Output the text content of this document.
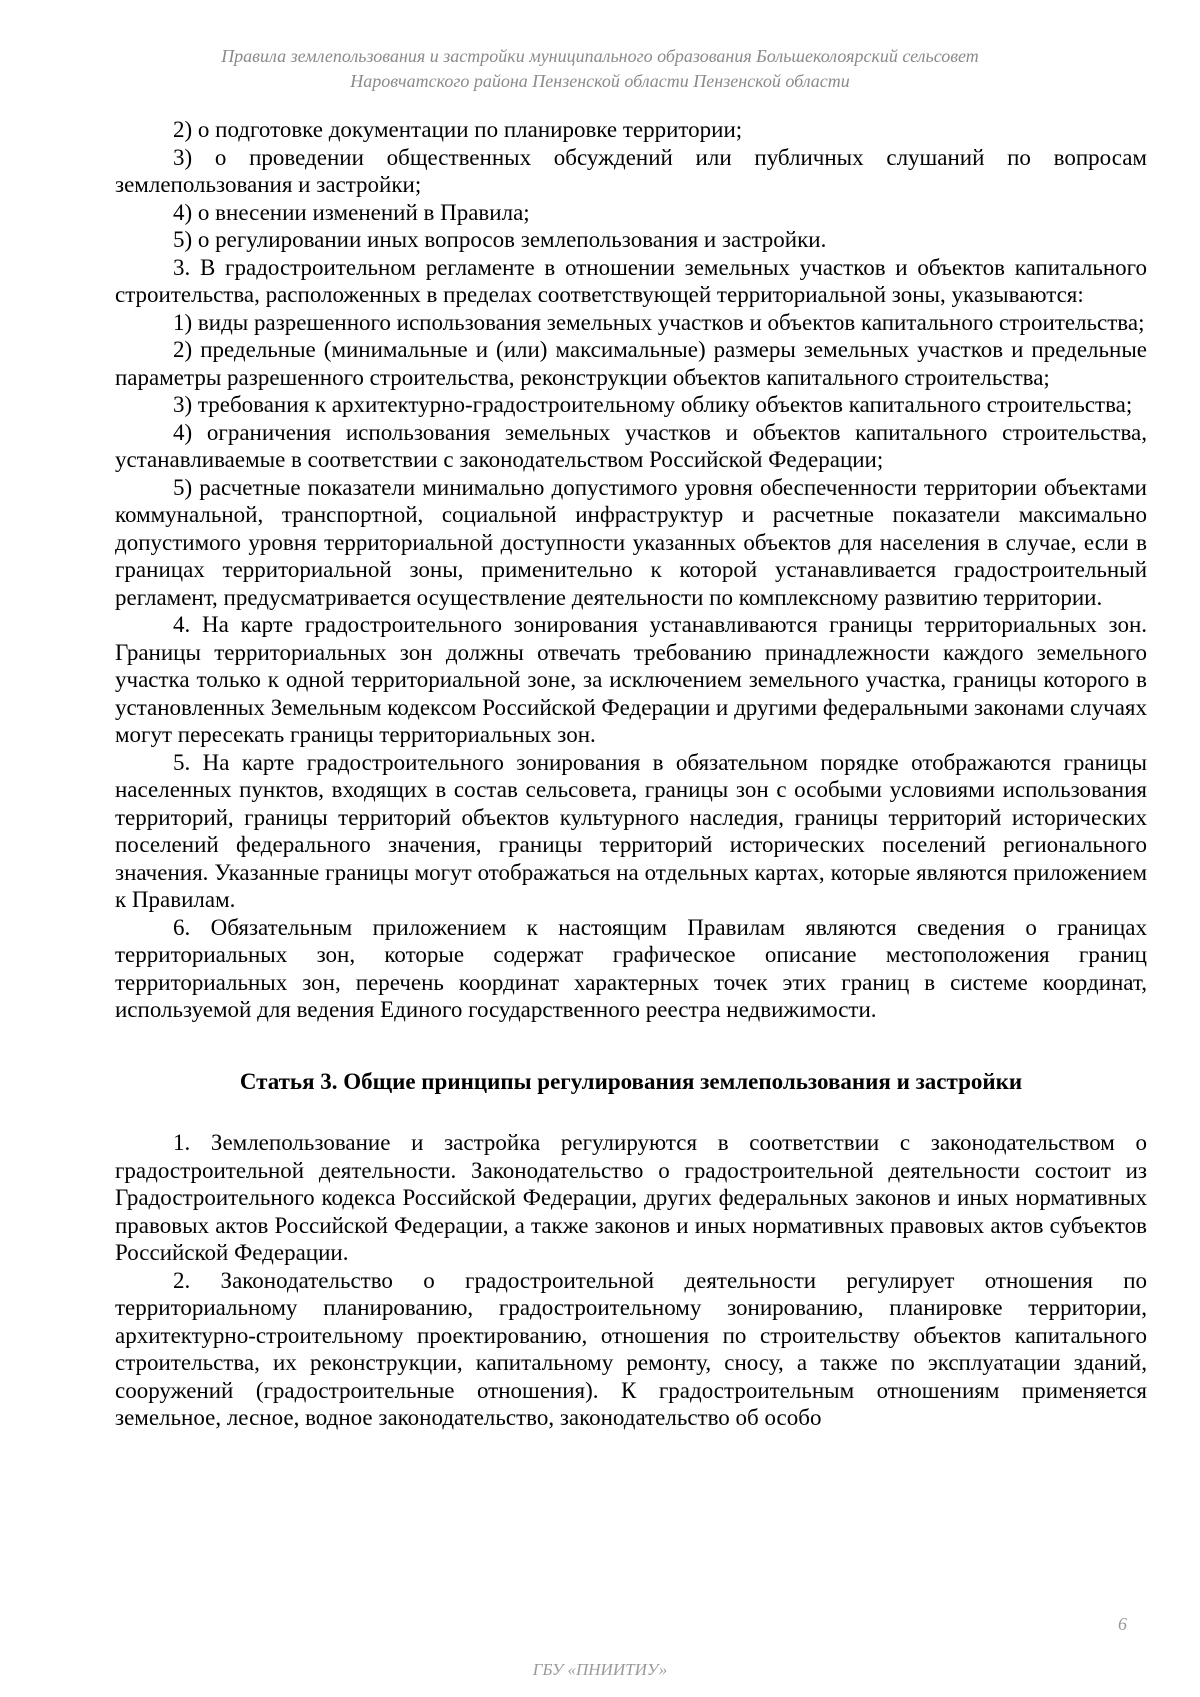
Правила землепользования и застройки муниципального образования Большеколоярский сельсовет
Наровчатского района Пензенской области Пензенской области

2) о подготовке документации по планировке территории;

3) о проведении общественных обсуждений или публичных слушаний по вопросам землепользования и застройки;

4) о внесении изменений в Правила;

5) о регулировании иных вопросов землепользования и застройки.

3. В градостроительном регламенте в отношении земельных участков и объектов капитального строительства, расположенных в пределах соответствующей территориальной зоны, указываются:

1) виды разрешенного использования земельных участков и объектов капитального строительства;

2) предельные (минимальные и (или) максимальные) размеры земельных участков и предельные параметры разрешенного строительства, реконструкции объектов капитального строительства;

3) требования к архитектурно-градостроительному облику объектов капитального строительства;

4) ограничения использования земельных участков и объектов капитального строительства, устанавливаемые в соответствии с законодательством Российской Федерации;

5) расчетные показатели минимально допустимого уровня обеспеченности территории объектами коммунальной, транспортной, социальной инфраструктур и расчетные показатели максимально допустимого уровня территориальной доступности указанных объектов для населения в случае, если в границах территориальной зоны, применительно к которой устанавливается градостроительный регламент, предусматривается осуществление деятельности по комплексному развитию территории.

4. На карте градостроительного зонирования устанавливаются границы территориальных зон. Границы территориальных зон должны отвечать требованию принадлежности каждого земельного участка только к одной территориальной зоне, за исключением земельного участка, границы которого в установленных Земельным кодексом Российской Федерации и другими федеральными законами случаях могут пересекать границы территориальных зон.

5. На карте градостроительного зонирования в обязательном порядке отображаются границы населенных пунктов, входящих в состав сельсовета, границы зон с особыми условиями использования территорий, границы территорий объектов культурного наследия, границы территорий исторических поселений федерального значения, границы территорий исторических поселений регионального значения. Указанные границы могут отображаться на отдельных картах, которые являются приложением к Правилам.

6. Обязательным приложением к настоящим Правилам являются сведения о границах территориальных зон, которые содержат графическое описание местоположения границ территориальных зон, перечень координат характерных точек этих границ в системе координат, используемой для ведения Единого государственного реестра недвижимости.

Статья 3. Общие принципы регулирования землепользования и застройки

1. Землепользование и застройка регулируются в соответствии с законодательством о градостроительной деятельности. Законодательство о градостроительной деятельности состоит из Градостроительного кодекса Российской Федерации, других федеральных законов и иных нормативных правовых актов Российской Федерации, а также законов и иных нормативных правовых актов субъектов Российской Федерации.

2. Законодательство о градостроительной деятельности регулирует отношения по территориальному планированию, градостроительному зонированию, планировке территории, архитектурно-строительному проектированию, отношения по строительству объектов капитального строительства, их реконструкции, капитальному ремонту, сносу, а также по эксплуатации зданий, сооружений (градостроительные отношения). К градостроительным отношениям применяется земельное, лесное, водное законодательство, законодательство об особо

6
ГБУ «ПНИИТИУ»
